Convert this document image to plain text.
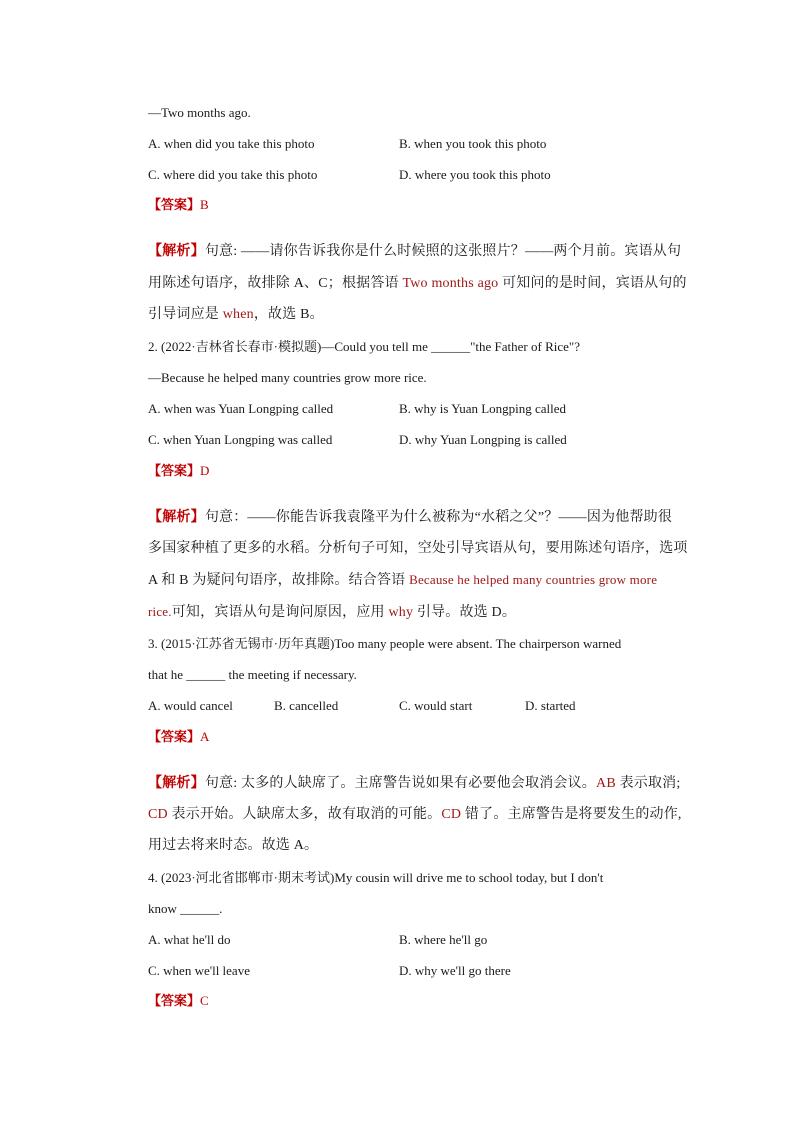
—Two months ago.
A. when did you take this photo	B. when you took this photo
C. where did you take this photo	D. where you took this photo
【答案】B
【解析】句意: ——请你告诉我你是什么时候照的这张照片？——两个月前。宾语从句
用陈述句语序，故排除 A、C；根据答语 Two months ago 可知问的是时间，宾语从句的
引导词应是 when，故选 B。
2. (2022·吉林省长春市·模拟题)—Could you tell me ______"the Father of Rice"?
—Because he helped many countries grow more rice.
A. when was Yuan Longping called	B. why is Yuan Longping called
C. when Yuan Longping was called	D. why Yuan Longping is called
【答案】D
【解析】句意：——你能告诉我袁隆平为什么被称为“水稻之父”？——因为他帮助很
多国家种植了更多的水稻。分析句子可知，空处引导宾语从句，要用陈述句语序，选项
A 和 B 为疑问句语序，故排除。结合答语 Because he helped many countries grow more
rice.可知，宾语从句是询问原因，应用 why 引导。故选 D。
3. (2015·江苏省无锡市·历年真题)Too many people were absent. The chairperson warned
that he ______ the meeting if necessary.
A. would cancel	B. cancelled	C. would start	D. started
【答案】A
【解析】句意: 太多的人缺席了。主席警告说如果有必要他会取消会议。AB 表示取消;
CD 表示开始。人缺席太多，故有取消的可能。CD 错了。主席警告是将要发生的动作,
用过去将来时态。故选 A。
4. (2023·河北省邯郸市·期末考试)My cousin will drive me to school today, but I don't
know ______.
A. what he'll do	B. where he'll go
C. when we'll leave	D. why we'll go there
【答案】C
